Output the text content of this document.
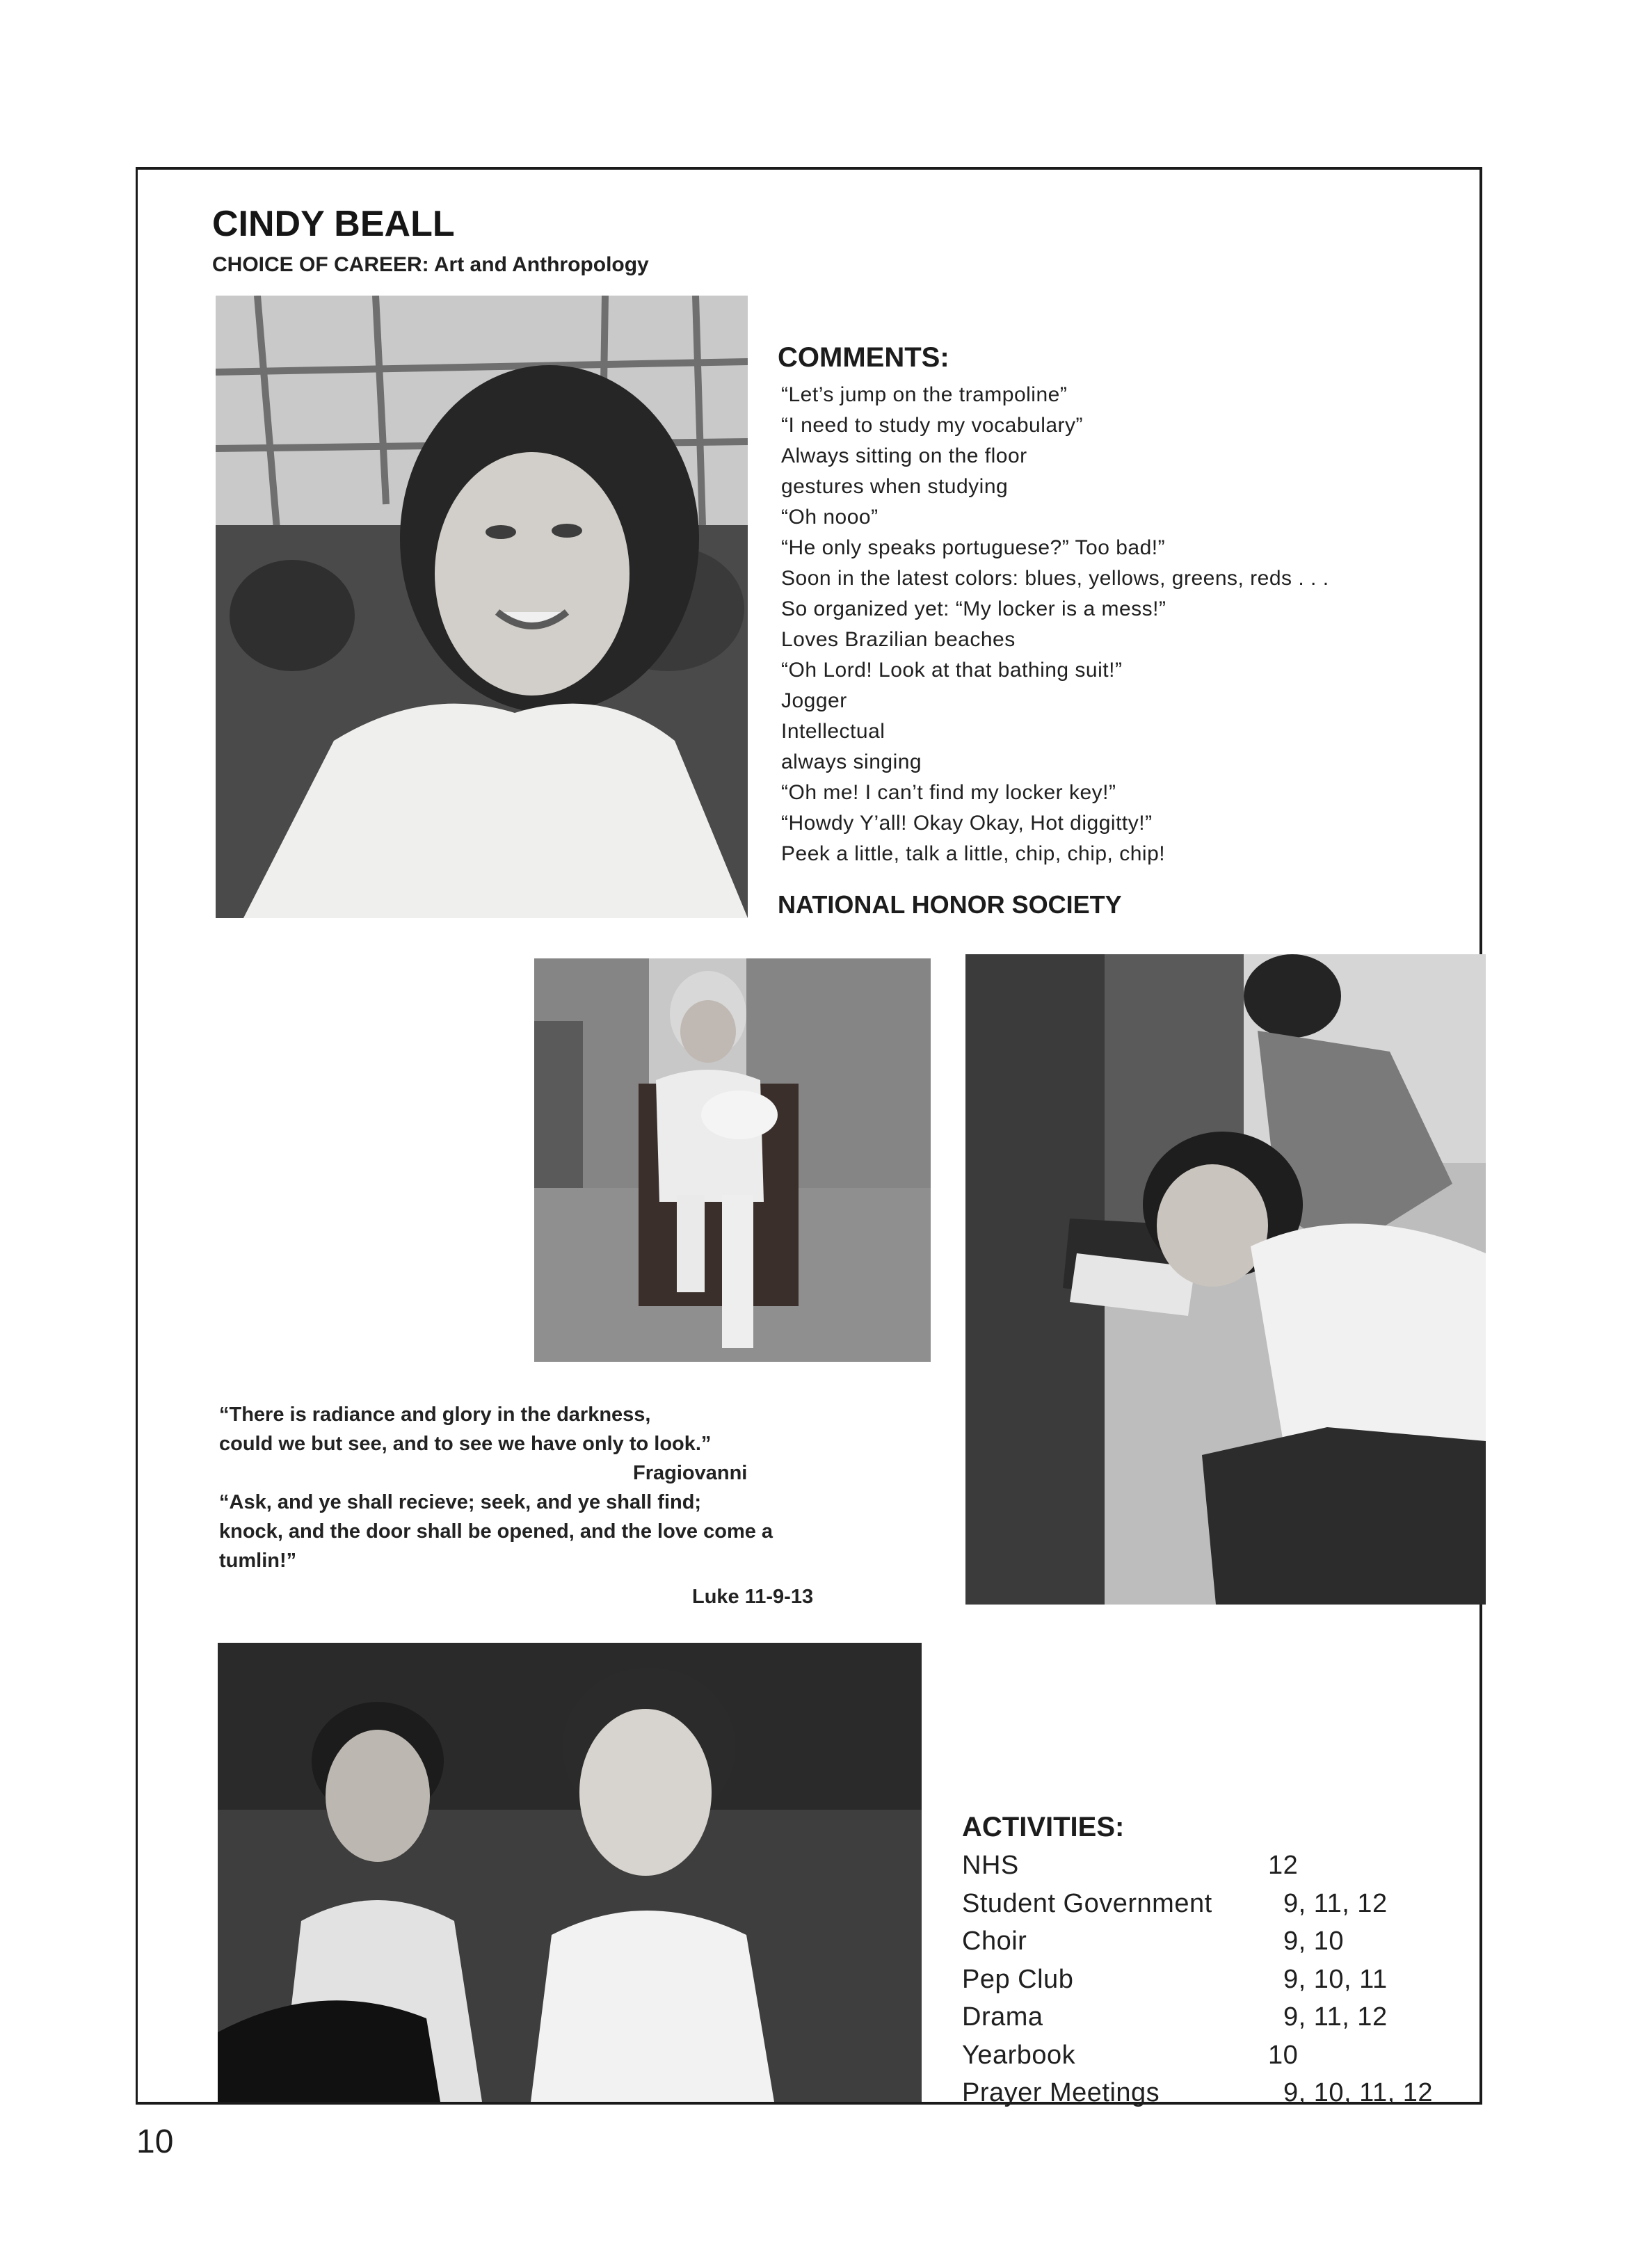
CINDY BEALL
CHOICE OF CAREER: Art and Anthropology
COMMENTS:
“Let’s jump on the trampoline”
“I need to study my vocabulary”
Always sitting on the floor
gestures when studying
“Oh nooo”
“He only speaks portuguese?” Too bad!”
Soon in the latest colors: blues, yellows, greens, reds . . .
So organized yet: “My locker is a mess!”
Loves Brazilian beaches
“Oh Lord! Look at that bathing suit!”
Jogger
Intellectual
always singing
“Oh me! I can’t find my locker key!”
“Howdy Y’all! Okay Okay, Hot diggitty!”
Peek a little, talk a little, chip, chip, chip!
NATIONAL HONOR SOCIETY
“There is radiance and glory in the darkness,
could we but see, and to see we have only to look.”
Fragiovanni
“Ask, and ye shall recieve; seek, and ye shall find;
knock, and the door shall be opened, and the love come a
tumlin!”
Luke 11-9-13
ACTIVITIES:
NHS	12
Student Government	9, 11, 12
Choir	9, 10
Pep Club	9, 10, 11
Drama	9, 11, 12
Yearbook	10
Prayer Meetings	9, 10, 11, 12
10
